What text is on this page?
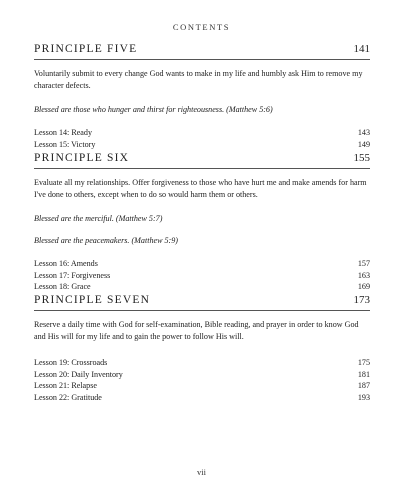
CONTENTS
PRINCIPLE FIVE	141
Voluntarily submit to every change God wants to make in my life and humbly ask Him to remove my character defects.
Blessed are those who hunger and thirst for righteousness. (Matthew 5:6)
Lesson 14: Ready	143
Lesson 15: Victory	149
PRINCIPLE SIX	155
Evaluate all my relationships. Offer forgiveness to those who have hurt me and make amends for harm I've done to others, except when to do so would harm them or others.
Blessed are the merciful. (Matthew 5:7)
Blessed are the peacemakers. (Matthew 5:9)
Lesson 16: Amends	157
Lesson 17: Forgiveness	163
Lesson 18: Grace	169
PRINCIPLE SEVEN	173
Reserve a daily time with God for self-examination, Bible reading, and prayer in order to know God and His will for my life and to gain the power to follow His will.
Lesson 19: Crossroads	175
Lesson 20: Daily Inventory	181
Lesson 21: Relapse	187
Lesson 22: Gratitude	193
vii
